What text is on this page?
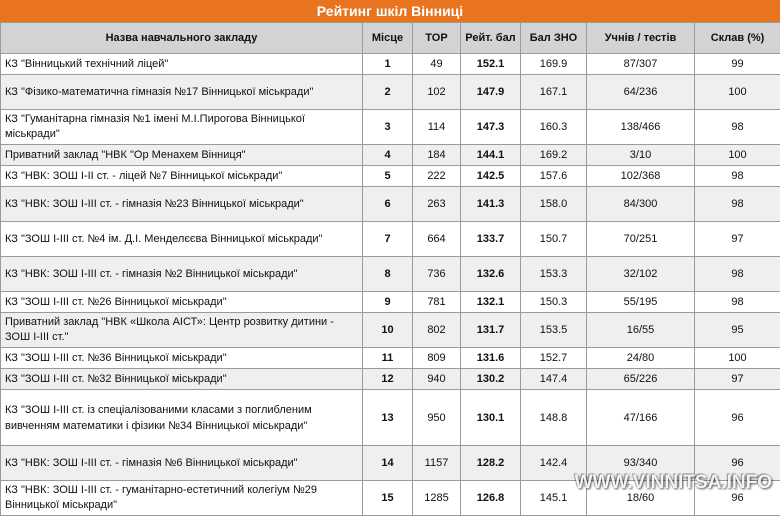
Рейтинг шкіл Вінниці
Назва навчального закладу	Місце	TOP	Рейт. бал	Бал ЗНО	Учнів / тестів	Склав (%)
КЗ "Вінницький технічний ліцей"	1	49	152.1	169.9	87/307	99
КЗ "Фізико-математична гімназія №17 Вінницької міськради"	2	102	147.9	167.1	64/236	100
КЗ "Гуманітарна гімназія №1 імені М.І.Пирогова Вінницької міськради"	3	114	147.3	160.3	138/466	98
Приватний заклад "НВК "Ор Менахем Вінниця"	4	184	144.1	169.2	3/10	100
КЗ "НВК: ЗОШ І-ІІ ст. - ліцей №7 Вінницької міськради"	5	222	142.5	157.6	102/368	98
КЗ "НВК: ЗОШ І-ІІІ ст. - гімназія №23 Вінницької міськради"	6	263	141.3	158.0	84/300	98
КЗ "ЗОШ І-ІІІ ст. №4 ім. Д.І. Менделєєва Вінницької міськради"	7	664	133.7	150.7	70/251	97
КЗ "НВК: ЗОШ І-ІІІ ст. - гімназія №2 Вінницької міськради"	8	736	132.6	153.3	32/102	98
КЗ "ЗОШ І-ІІІ ст. №26 Вінницької міськради"	9	781	132.1	150.3	55/195	98
Приватний заклад "НВК «Школа АІСТ»: Центр розвитку дитини - ЗОШ І-ІІІ ст."	10	802	131.7	153.5	16/55	95
КЗ "ЗОШ І-ІІІ ст. №36 Вінницької міськради"	11	809	131.6	152.7	24/80	100
КЗ "ЗОШ І-ІІІ ст. №32 Вінницької міськради"	12	940	130.2	147.4	65/226	97
КЗ "ЗОШ І-ІІІ ст. із спеціалізованими класами з поглибленим вивченням математики і фізики №34 Вінницької міськради"	13	950	130.1	148.8	47/166	96
КЗ "НВК: ЗОШ І-ІІІ ст. - гімназія №6 Вінницької міськради"	14	1157	128.2	142.4	93/340	96
КЗ "НВК: ЗОШ І-ІІІ ст. - гуманітарно-естетичний колегіум №29 Вінницької міськради"	15	1285	126.8	145.1	18/60	96
WWW.VINNITSA.INFO
